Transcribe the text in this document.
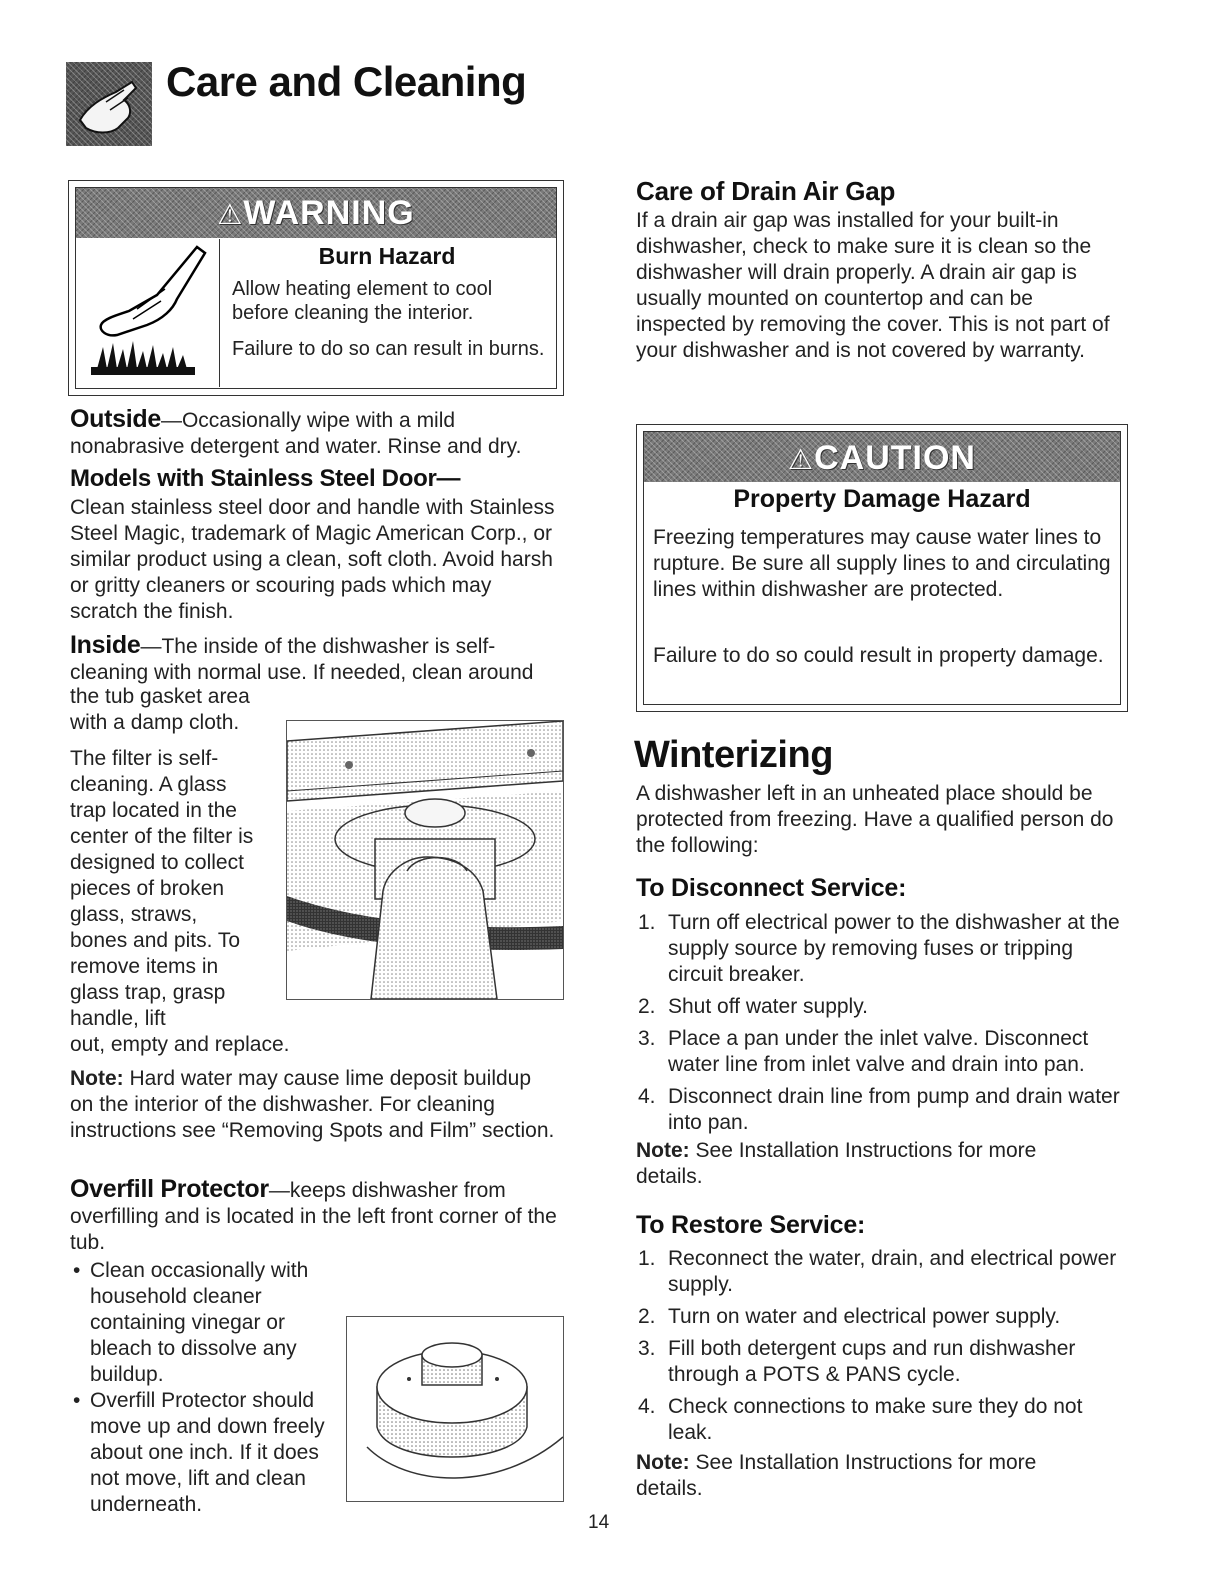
Care and Cleaning
⚠WARNING
Burn Hazard
Allow heating element to cool before cleaning the interior.
Failure to do so can result in burns.
Outside—Occasionally wipe with a mild nonabrasive detergent and water. Rinse and dry.
Models with Stainless Steel Door—
Clean stainless steel door and handle with Stainless Steel Magic, trademark of Magic American Corp., or similar product using a clean, soft cloth. Avoid harsh or gritty cleaners or scouring pads which may scratch the finish.
Inside—The inside of the dishwasher is self-cleaning with normal use. If needed, clean around
the tub gasket area
with a damp cloth.
The filter is self-cleaning. A glass trap located in the center of the filter is designed to collect pieces of broken glass, straws, bones and pits. To remove items in glass trap, grasp handle, lift
out, empty and replace.
Note: Hard water may cause lime deposit buildup on the interior of the dishwasher. For cleaning instructions see “Removing Spots and Film” section.
Overfill Protector—keeps dishwasher from overfilling and is located in the left front corner of the tub.
• Clean occasionally with household cleaner containing vinegar or bleach to dissolve any buildup.
• Overfill Protector should move up and down freely about one inch. If it does not move, lift and clean underneath.
Care of Drain Air Gap
If a drain air gap was installed for your built-in dishwasher, check to make sure it is clean so the dishwasher will drain properly. A drain air gap is usually mounted on countertop and can be inspected by removing the cover. This is not part of your dishwasher and is not covered by warranty.
⚠CAUTION
Property Damage Hazard
Freezing temperatures may cause water lines to rupture. Be sure all supply lines to and circulating lines within dishwasher are protected.
Failure to do so could result in property damage.
Winterizing
A dishwasher left in an unheated place should be protected from freezing. Have a qualified person do the following:
To Disconnect Service:
1. Turn off electrical power to the dishwasher at the supply source by removing fuses or tripping circuit breaker.
2. Shut off water supply.
3. Place a pan under the inlet valve. Disconnect water line from inlet valve and drain into pan.
4. Disconnect drain line from pump and drain water into pan.
Note: See Installation Instructions for more details.
To Restore Service:
1. Reconnect the water, drain, and electrical power supply.
2. Turn on water and electrical power supply.
3. Fill both detergent cups and run dishwasher through a POTS & PANS cycle.
4. Check connections to make sure they do not leak.
Note: See Installation Instructions for more details.
14
